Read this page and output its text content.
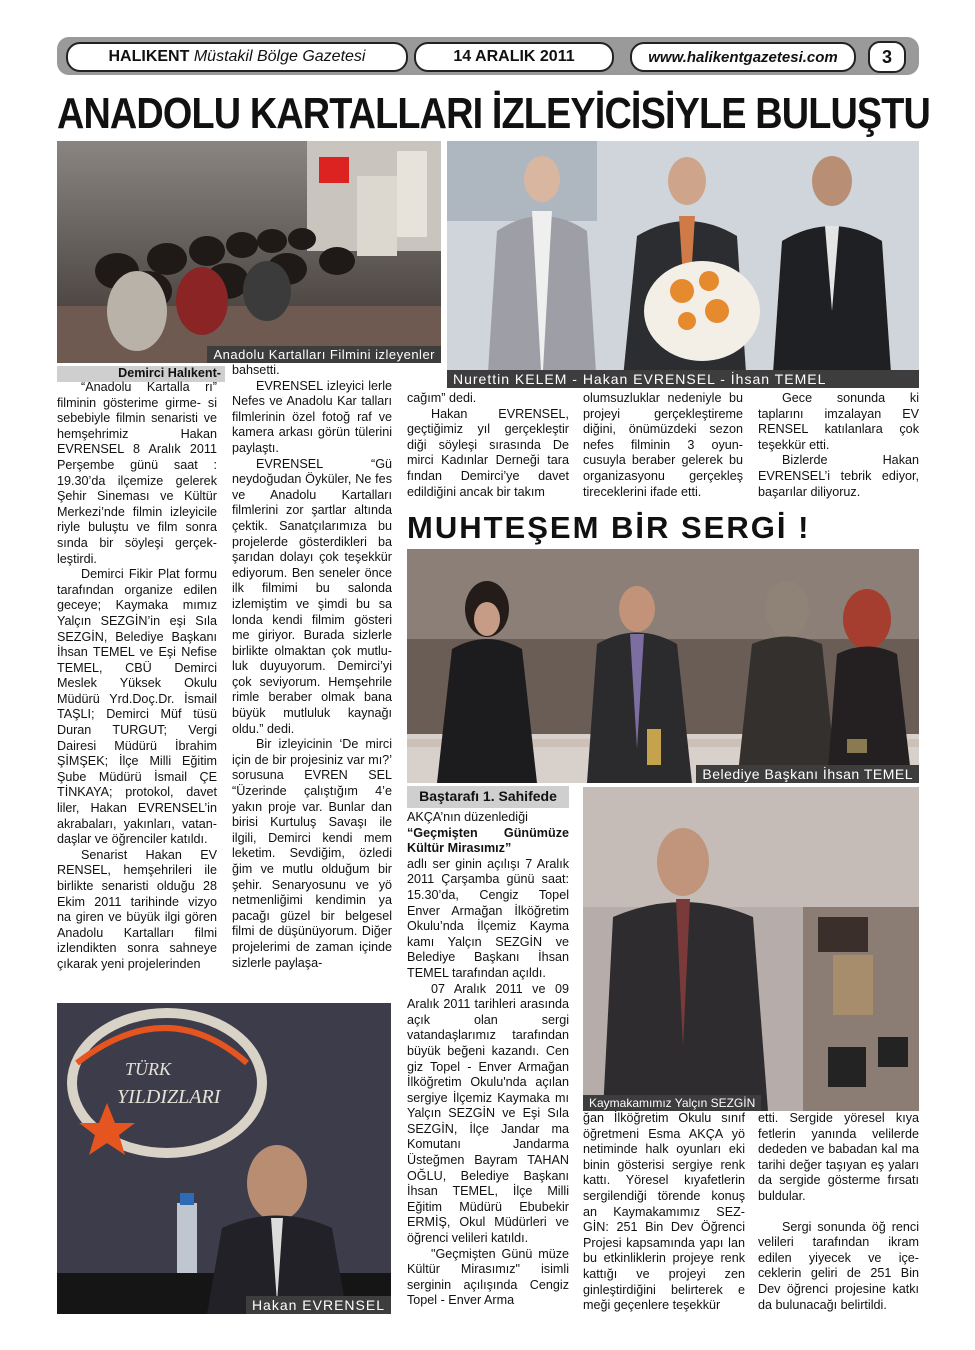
HALIKENT
Müstakil Bölge Gazetesi	14 ARALIK 2011	www.halikentgazetesi.com	3
ANADOLU KARTALLARI İZLEYİCİSİYLE BULUŞTU
Anadolu Kartalları Filmini izleyenler
Nurettin KELEM - Hakan EVRENSEL - İhsan TEMEL
Demirci Halıkent-

“Anadolu Kartalla rı” filminin gösterime girme- si sebebiyle filmin senaristi ve hemşehrimiz Hakan EVRENSEL 8 Aralık 2011 Perşembe günü saat : 19.30’da ilçemize gelerek Şehir Sineması ve Kültür Merkezi’nde filmin izleyicile riyle buluştu ve film sonra sında bir söyleşi gerçek- leştirdi.

Demirci Fikir Plat formu tarafından organize edilen geceye; Kaymaka mımız Yalçın SEZGİN’in eşi Sıla SEZGİN, Belediye Başkanı İhsan TEMEL ve Eşi Nefise TEMEL, CBÜ Demirci Meslek Yüksek Okulu Müdürü Yrd.Doç.Dr. İsmail TAŞLI; Demirci Müf tüsü Duran TURGUT; Vergi Dairesi Müdürü İbrahim ŞİMŞEK; İlçe Milli Eğitim Şube Müdürü İsmail ÇE TİNKAYA; protokol, davet liler, Hakan EVRENSEL’in akrabaları, yakınları, vatan- daşlar ve öğrenciler katıldı.

Senarist Hakan EV RENSEL, hemşehrileri ile birlikte senaristi olduğu 28 Ekim 2011 tarihinde vizyo na giren ve büyük ilgi gören Anadolu Kartalları filmi izlendikten sonra sahneye çıkarak yeni projelerinden

bahsetti.

EVRENSEL izleyici lerle Nefes ve Anadolu Kar talları filmlerinin özel fotoğ raf ve kamera arkası görün tülerini paylaştı.

EVRENSEL “Gü neydoğudan Öyküler, Ne fes ve Anadolu Kartalları filmlerini zor şartlar altında çektik. Sanatçılarımıza bu projelerde gösterdikleri ba şarıdan dolayı çok teşekkür ediyorum. Ben seneler önce ilk filmimi bu salonda izlemiştim ve şimdi bu sa londa kendi filmim gösteri me giriyor. Burada sizlerle birlikte olmaktan çok mutlu- luk duyuyorum. Demirci’yi çok seviyorum. Hemşehrile rimle beraber olmak bana büyük mutluluk kaynağı oldu.” dedi.

Bir izleyicinin ‘De mirci için de bir projesiniz var mı?’ sorusuna EVREN SEL “Üzerinde çalıştığım 4’e yakın proje var. Bunlar dan birisi Kurtuluş Savaşı ile ilgili, Demirci kendi mem leketim. Sevdiğim, özledi ğim ve mutlu olduğum bir şehir. Senaryosunu ve yö netmenliğimi kendimin ya pacağı güzel bir belgesel filmi de düşünüyorum. Diğer projelerimi de zaman içinde sizlerle paylaşa-

cağım” dedi.

Hakan EVRENSEL, geçtiğimiz yıl gerçekleştir diği söyleşi sırasında De mirci Kadınlar Derneği tara fından Demirci’ye davet edildiğini ancak bir takım

olumsuzluklar nedeniyle bu projeyi gerçekleştireme diğini, önümüzdeki sezon nefes filminin 3 oyun- cusuyla beraber gelerek bu organizasyonu gerçekleş tireceklerini ifade etti.

Gece sonunda ki taplarını imzalayan EV RENSEL katılanlara çok teşekkür etti.

Bizlerde Hakan EVRENSEL’i tebrik ediyor, başarılar diliyoruz.

TÜRK
YILDIZLARI
Hakan EVRENSEL
MUHTEŞEM BİR SERGİ !
Belediye Başkanı İhsan TEMEL
Baştarafı 1. Sahifede

AKÇA’nın düzenlediği

“Geçmişten Günümüze Kültür Mirasımız”

adlı ser ginin açılışı 7 Aralık 2011 Çarşamba günü saat: 15.30’da, Cengiz Topel Enver Armağan İlköğretim Okulu’nda İlçemiz Kayma kamı Yalçın SEZGİN ve Belediye Başkanı İhsan TEMEL tarafından açıldı.

07 Aralık 2011 ve 09 Aralık 2011 tarihleri arasında açık olan sergi vatandaşlarımız tarafından büyük beğeni kazandı. Cen giz Topel - Enver Armağan İlköğretim Okulu'nda açılan sergiye İlçemiz Kaymaka mı Yalçın SEZGİN ve Eşi Sıla SEZGİN, İlçe Jandar ma Komutanı Jandarma Üsteğmen Bayram TAHAN OĞLU, Belediye Başkanı İhsan TEMEL, İlçe Milli Eğitim Müdürü Ebubekir ERMİŞ, Okul Müdürleri ve öğrenci velileri katıldı.

"Geçmişten Günü müze Kültür Mirasımız" isimli serginin açılışında Cengiz Topel - Enver Arma

Kaymakamımız Yalçın SEZGİN

ğan İlköğretim Okulu sınıf öğretmeni Esma AKÇA yö netiminde halk oyunları eki binin gösterisi sergiye renk kattı. Yöresel kıyafetlerin sergilendiği törende konuş an Kaymakamımız SEZ- GİN: 251 Bin Dev Öğrenci Projesi kapsamında yapı lan bu etkinliklerin projeye renk kattığı ve projeyi zen ginleştirdiğini belirterek e meği geçenlere teşekkür

etti. Sergide yöresel kıya fetlerin yanında velilerde dededen ve babadan kal ma tarihi değer taşıyan eş yaları da sergide gösterme fırsatı buldular.

Sergi sonunda öğ renci velileri tarafından ikram edilen yiyecek ve içe- ceklerin geliri de 251 Bin Dev öğrenci projesine katkı da bulunacağı belirtildi.
